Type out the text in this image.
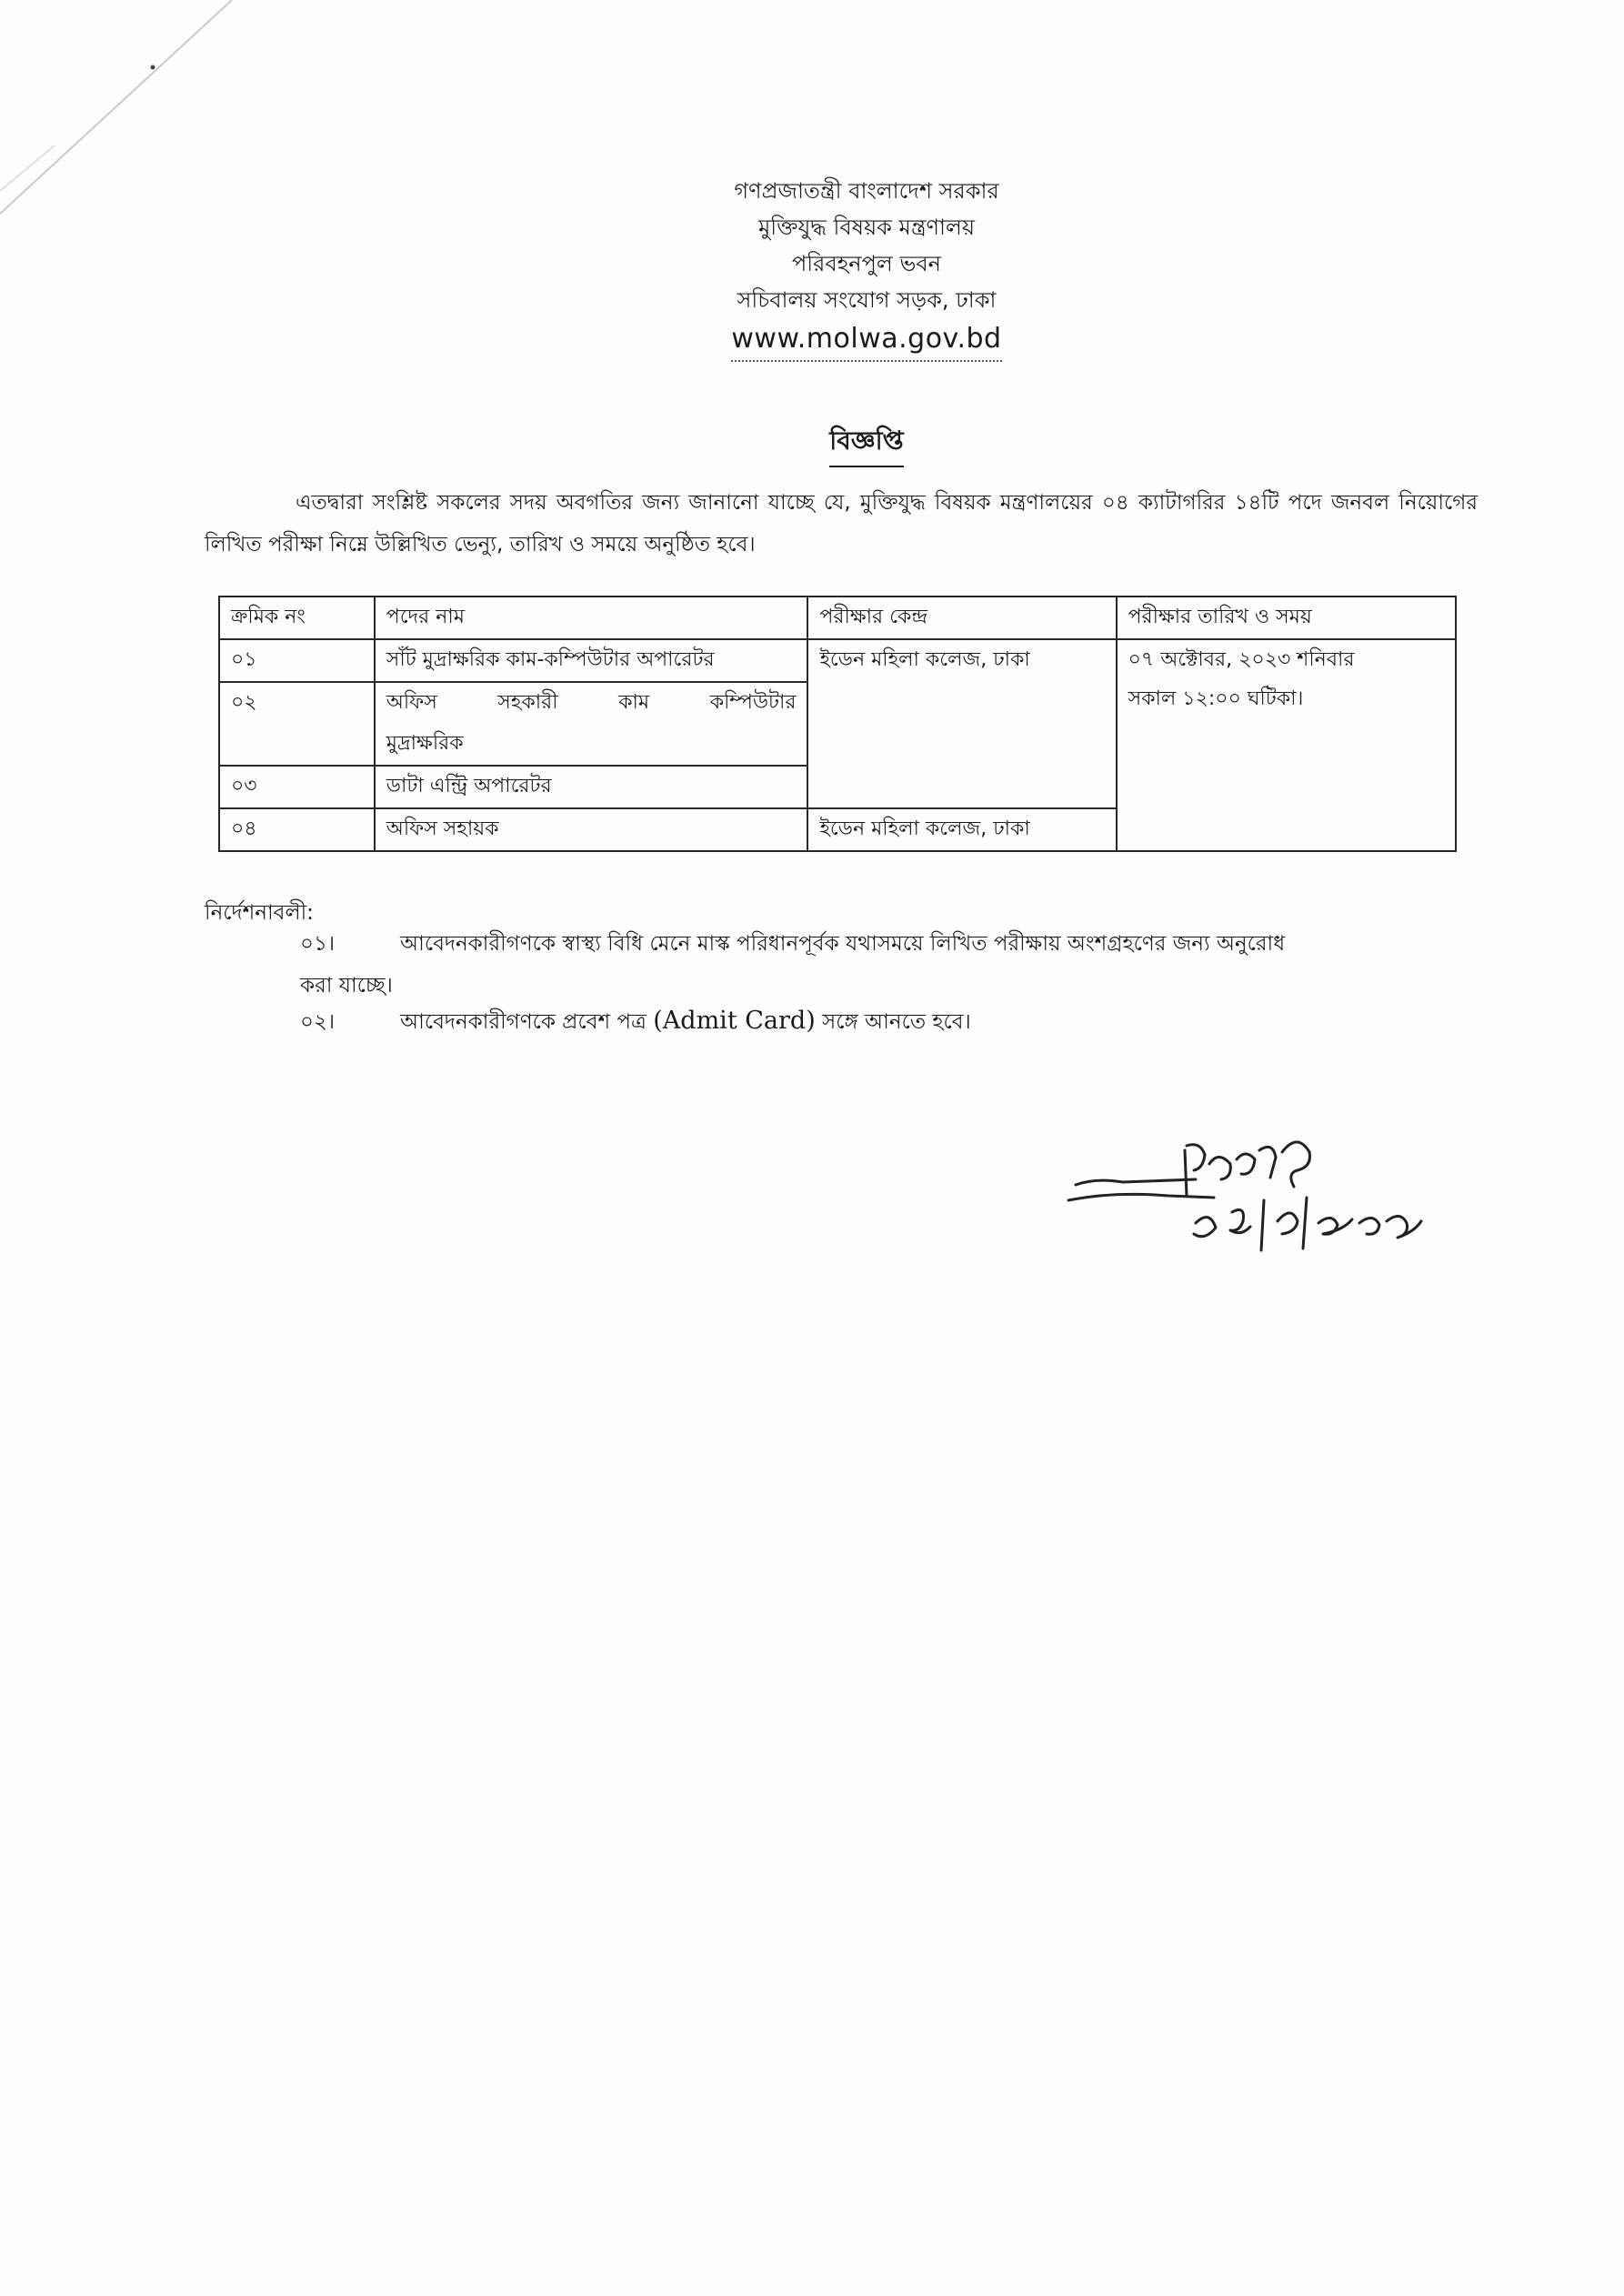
গণপ্রজাতন্ত্রী বাংলাদেশ সরকার
মুক্তিযুদ্ধ বিষয়ক মন্ত্রণালয়
পরিবহনপুল ভবন
সচিবালয় সংযোগ সড়ক, ঢাকা
www.molwa.gov.bd
বিজ্ঞপ্তি
এতদ্বারা সংশ্লিষ্ট সকলের সদয় অবগতির জন্য জানানো যাচ্ছে যে, মুক্তিযুদ্ধ বিষয়ক মন্ত্রণালয়ের ০৪ ক্যাটাগরির ১৪টি পদে জনবল নিয়োগের লিখিত পরীক্ষা নিম্নে উল্লিখিত ভেন্যু, তারিখ ও সময়ে অনুষ্ঠিত হবে।
ক্রমিক নং	পদের নাম	পরীক্ষার কেন্দ্র	পরীক্ষার তারিখ ও সময়
০১	সাঁট মুদ্রাক্ষরিক কাম-কম্পিউটার অপারেটর	ইডেন মহিলা কলেজ, ঢাকা	০৭ অক্টোবর, ২০২৩ শনিবার
সকাল ১২:০০ ঘটিকা।

০২	অফিস সহকারী কাম কম্পিউটার
মুদ্রাক্ষরিক		

০৩	ডাটা এন্ট্রি অপারেটর		
০৪	অফিস সহায়ক	ইডেন মহিলা কলেজ, ঢাকা	
নির্দেশনাবলী:
০১।	আবেদনকারীগণকে স্বাস্থ্য বিধি মেনে মাস্ক পরিধানপূর্বক যথাসময়ে লিখিত পরীক্ষায় অংশগ্রহণের জন্য অনুরোধ
করা যাচ্ছে।
০২।	আবেদনকারীগণকে প্রবেশ পত্র (Admit Card) সঙ্গে আনতে হবে।
